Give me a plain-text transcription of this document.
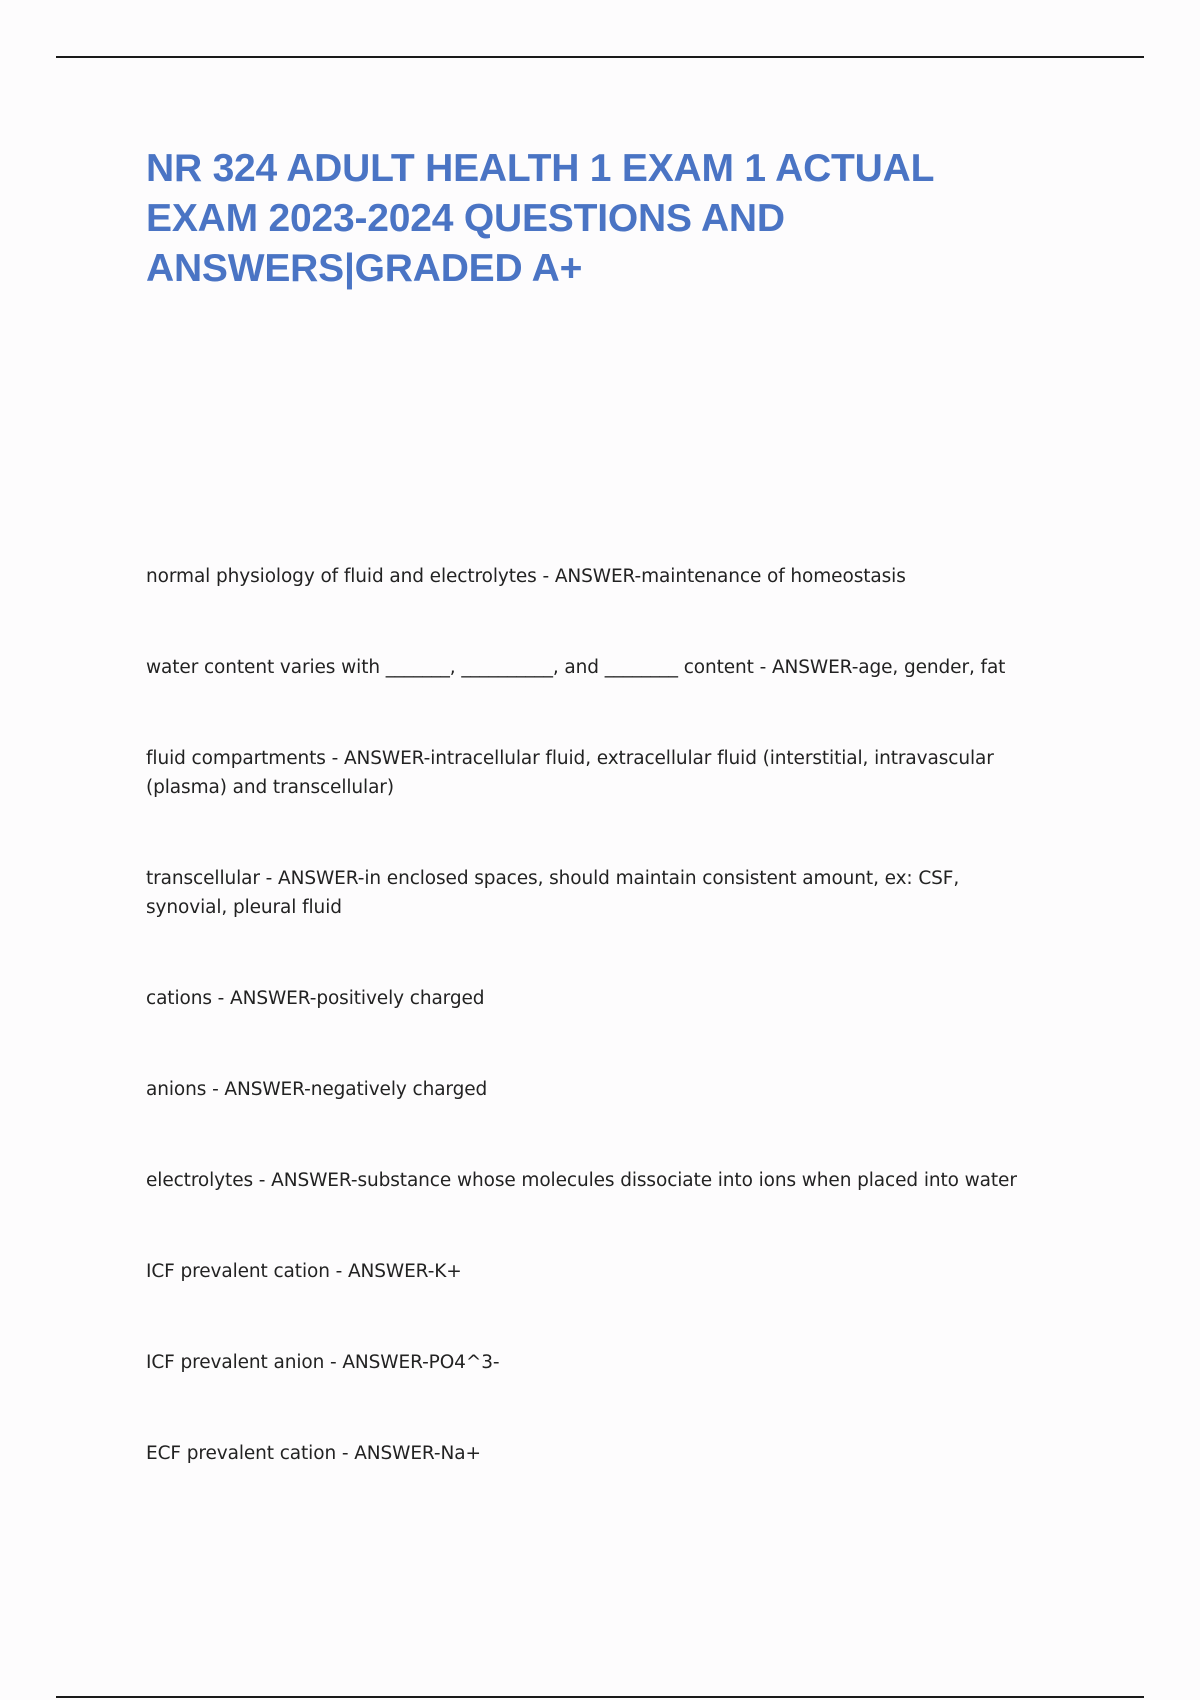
NR 324 ADULT HEALTH 1 EXAM 1 ACTUAL EXAM 2023-2024 QUESTIONS AND ANSWERS|GRADED A+
normal physiology of fluid and electrolytes - ANSWER-maintenance of homeostasis
water content varies with _______, __________, and ________ content - ANSWER-age, gender, fat
fluid compartments - ANSWER-intracellular fluid, extracellular fluid (interstitial, intravascular (plasma) and transcellular)
transcellular - ANSWER-in enclosed spaces, should maintain consistent amount, ex: CSF, synovial, pleural fluid
cations - ANSWER-positively charged
anions - ANSWER-negatively charged
electrolytes - ANSWER-substance whose molecules dissociate into ions when placed into water
ICF prevalent cation - ANSWER-K+
ICF prevalent anion - ANSWER-PO4^3-
ECF prevalent cation - ANSWER-Na+
